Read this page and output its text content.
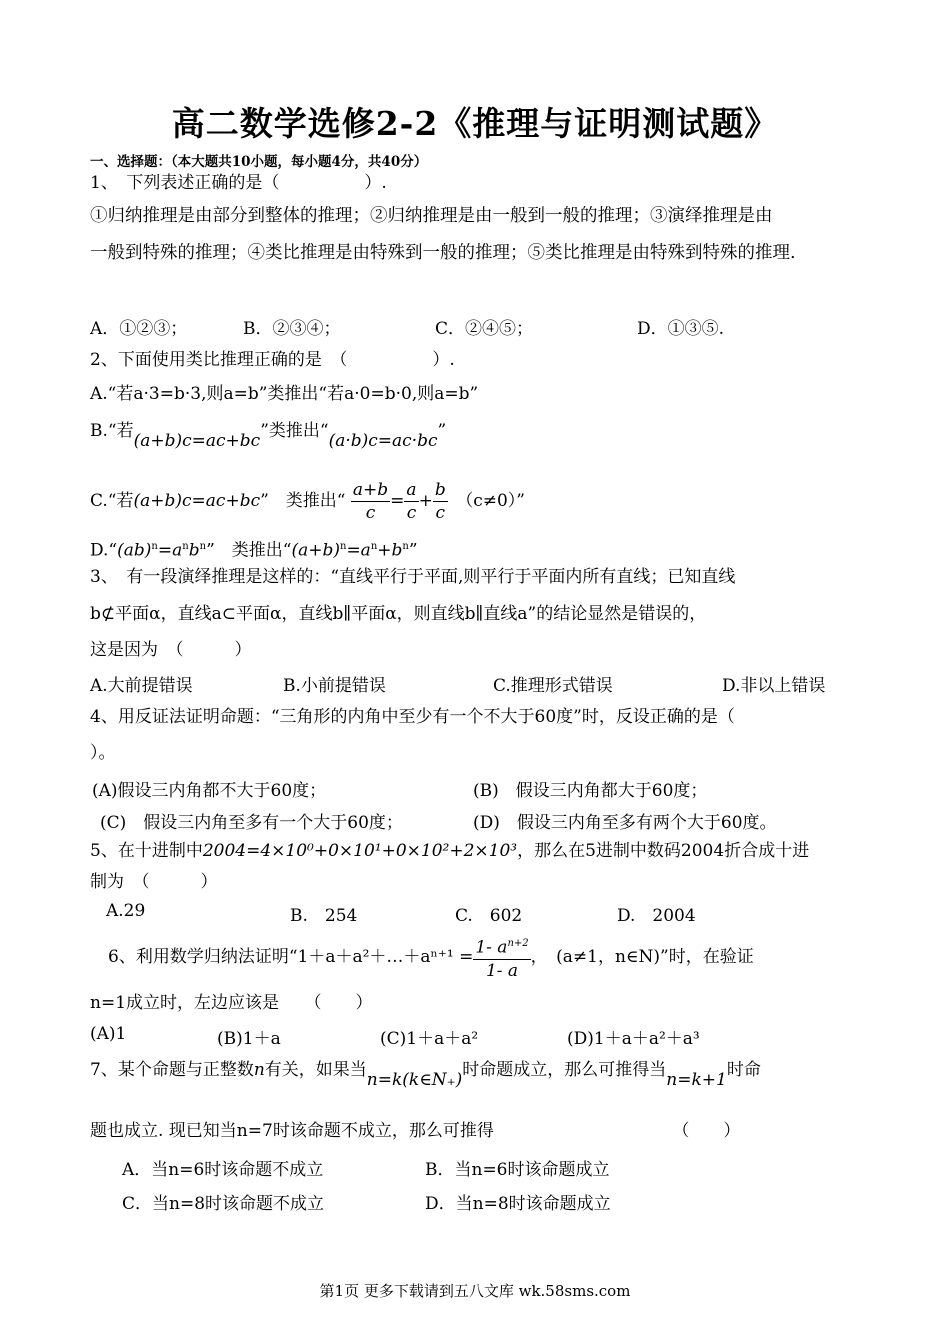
高二数学选修2-2《推理与证明测试题》
一、选择题：（本大题共10小题，每小题4分，共40分）
1、　下列表述正确的是（　　　　　）.
①归纳推理是由部分到整体的推理；②归纳推理是由一般到一般的推理；③演绎推理是由
一般到特殊的推理；④类比推理是由特殊到一般的推理；⑤类比推理是由特殊到特殊的推理.
A．①②③；	B．②③④；	C．②④⑤；	D．①③⑤.
2、下面使用类比推理正确的是　（　　　　　）.
A.“若a·3=b·3,则a=b”类推出“若a·0=b·0,则a=b”
B.“若(a+b)c=ac+bc”类推出“(a·b)c=ac·bc”
C.“若(a+b)c=ac+bc”　类推出“ $\frac{a+b}{c} = \frac{a}{c} + \frac{b}{c}$ 　（c≠0）”
$D.“(ab)^n=a^nb^n$”　类推出“$(a+b)^n=a^n+b^n$”
3、　有一段演绎推理是这样的：“直线平行于平面,则平行于平面内所有直线；已知直线
b⊄平面α，直线a⊂平面α，直线b∥平面α，则直线b∥直线a”的结论显然是错误的，
这是因为　（　　　）
A.大前提错误	B.小前提错误	C.推理形式错误	D.非以上错误
4、用反证法证明命题：“三角形的内角中至少有一个不大于60度”时，反设正确的是（
）。
(A)假设三内角都不大于60度；	(B)　假设三内角都大于60度；
(C)　假设三内角至多有一个大于60度；	(D)　假设三内角至多有两个大于60度。
5、在十进制中2004=4×10⁰+0×10¹+0×10²+2×10³，那么在5进制中数码2004折合成十进
制为　（　　　）
A.29	B.　254	C.　602	D.　2004
6、利用数学归纳法证明“1＋a＋a²＋…＋aⁿ⁺¹ = $\frac{1- a^{n+2}}{1- a}$ ，　(a≠1，n∈N)”时，在验证
n=1成立时，左边应该是　　（　　）
(A)1	(B)1＋a	(C)1＋a＋a²	(D)1＋a＋a²＋a³
7、某个命题与正整数n有关，如果当n=k(k∈N₊)时命题成立，那么可推得当n=k+1时命
题也成立. 现已知当n=7时该命题不成立，那么可推得　　　　　　　　　　　（　　）
A．当n=6时该命题不成立	B．当n=6时该命题成立
C．当n=8时该命题不成立	D．当n=8时该命题成立
第1页 更多下载请到五八文库 wk.58sms.com
